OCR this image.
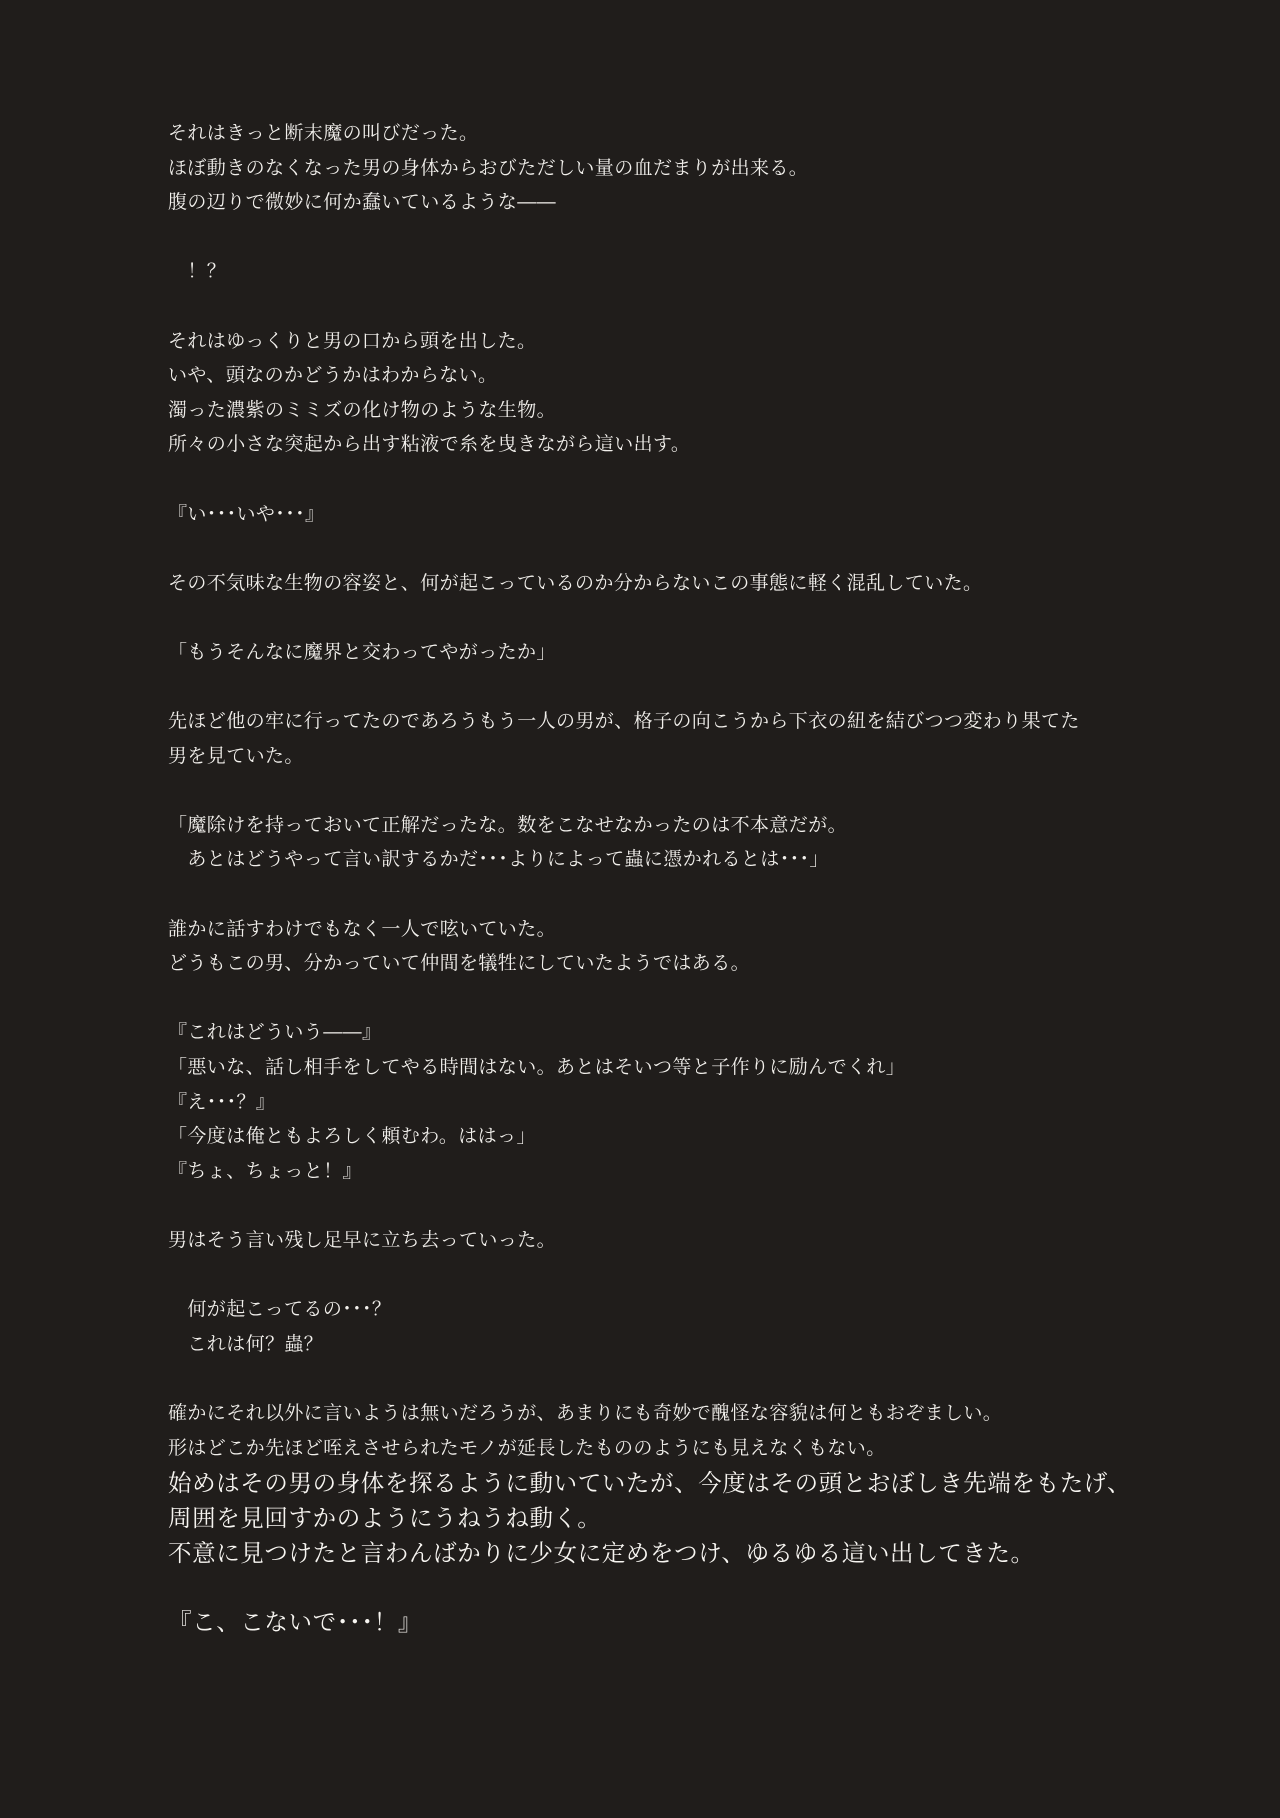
それはきっと断末魔の叫びだった。
ほぼ動きのなくなった男の身体からおびただしい量の血だまりが出来る。
腹の辺りで微妙に何か蠢いているような――
　！？
それはゆっくりと男の口から頭を出した。
いや、頭なのかどうかはわからない。
濁った濃紫のミミズの化け物のような生物。
所々の小さな突起から出す粘液で糸を曳きながら這い出す。
『い･･･いや･･･』
その不気味な生物の容姿と、何が起こっているのか分からないこの事態に軽く混乱していた。
「もうそんなに魔界と交わってやがったか」
先ほど他の牢に行ってたのであろうもう一人の男が、格子の向こうから下衣の紐を結びつつ変わり果てた
男を見ていた。
「魔除けを持っておいて正解だったな。数をこなせなかったのは不本意だが。
　あとはどうやって言い訳するかだ･･･よりによって蟲に憑かれるとは･･･」
誰かに話すわけでもなく一人で呟いていた。
どうもこの男、分かっていて仲間を犠牲にしていたようではある。
『これはどういう――』
「悪いな、話し相手をしてやる時間はない。あとはそいつ等と子作りに励んでくれ」
『え･･･？』
「今度は俺ともよろしく頼むわ。ははっ」
『ちょ、ちょっと！』
男はそう言い残し足早に立ち去っていった。
　何が起こってるの･･･？
　これは何？蟲？
確かにそれ以外に言いようは無いだろうが、あまりにも奇妙で醜怪な容貌は何ともおぞましい。
形はどこか先ほど咥えさせられたモノが延長したもののようにも見えなくもない。
始めはその男の身体を探るように動いていたが、今度はその頭とおぼしき先端をもたげ、
周囲を見回すかのようにうねうね動く。
不意に見つけたと言わんばかりに少女に定めをつけ、ゆるゆる這い出してきた。
『こ、こないで･･･！』
